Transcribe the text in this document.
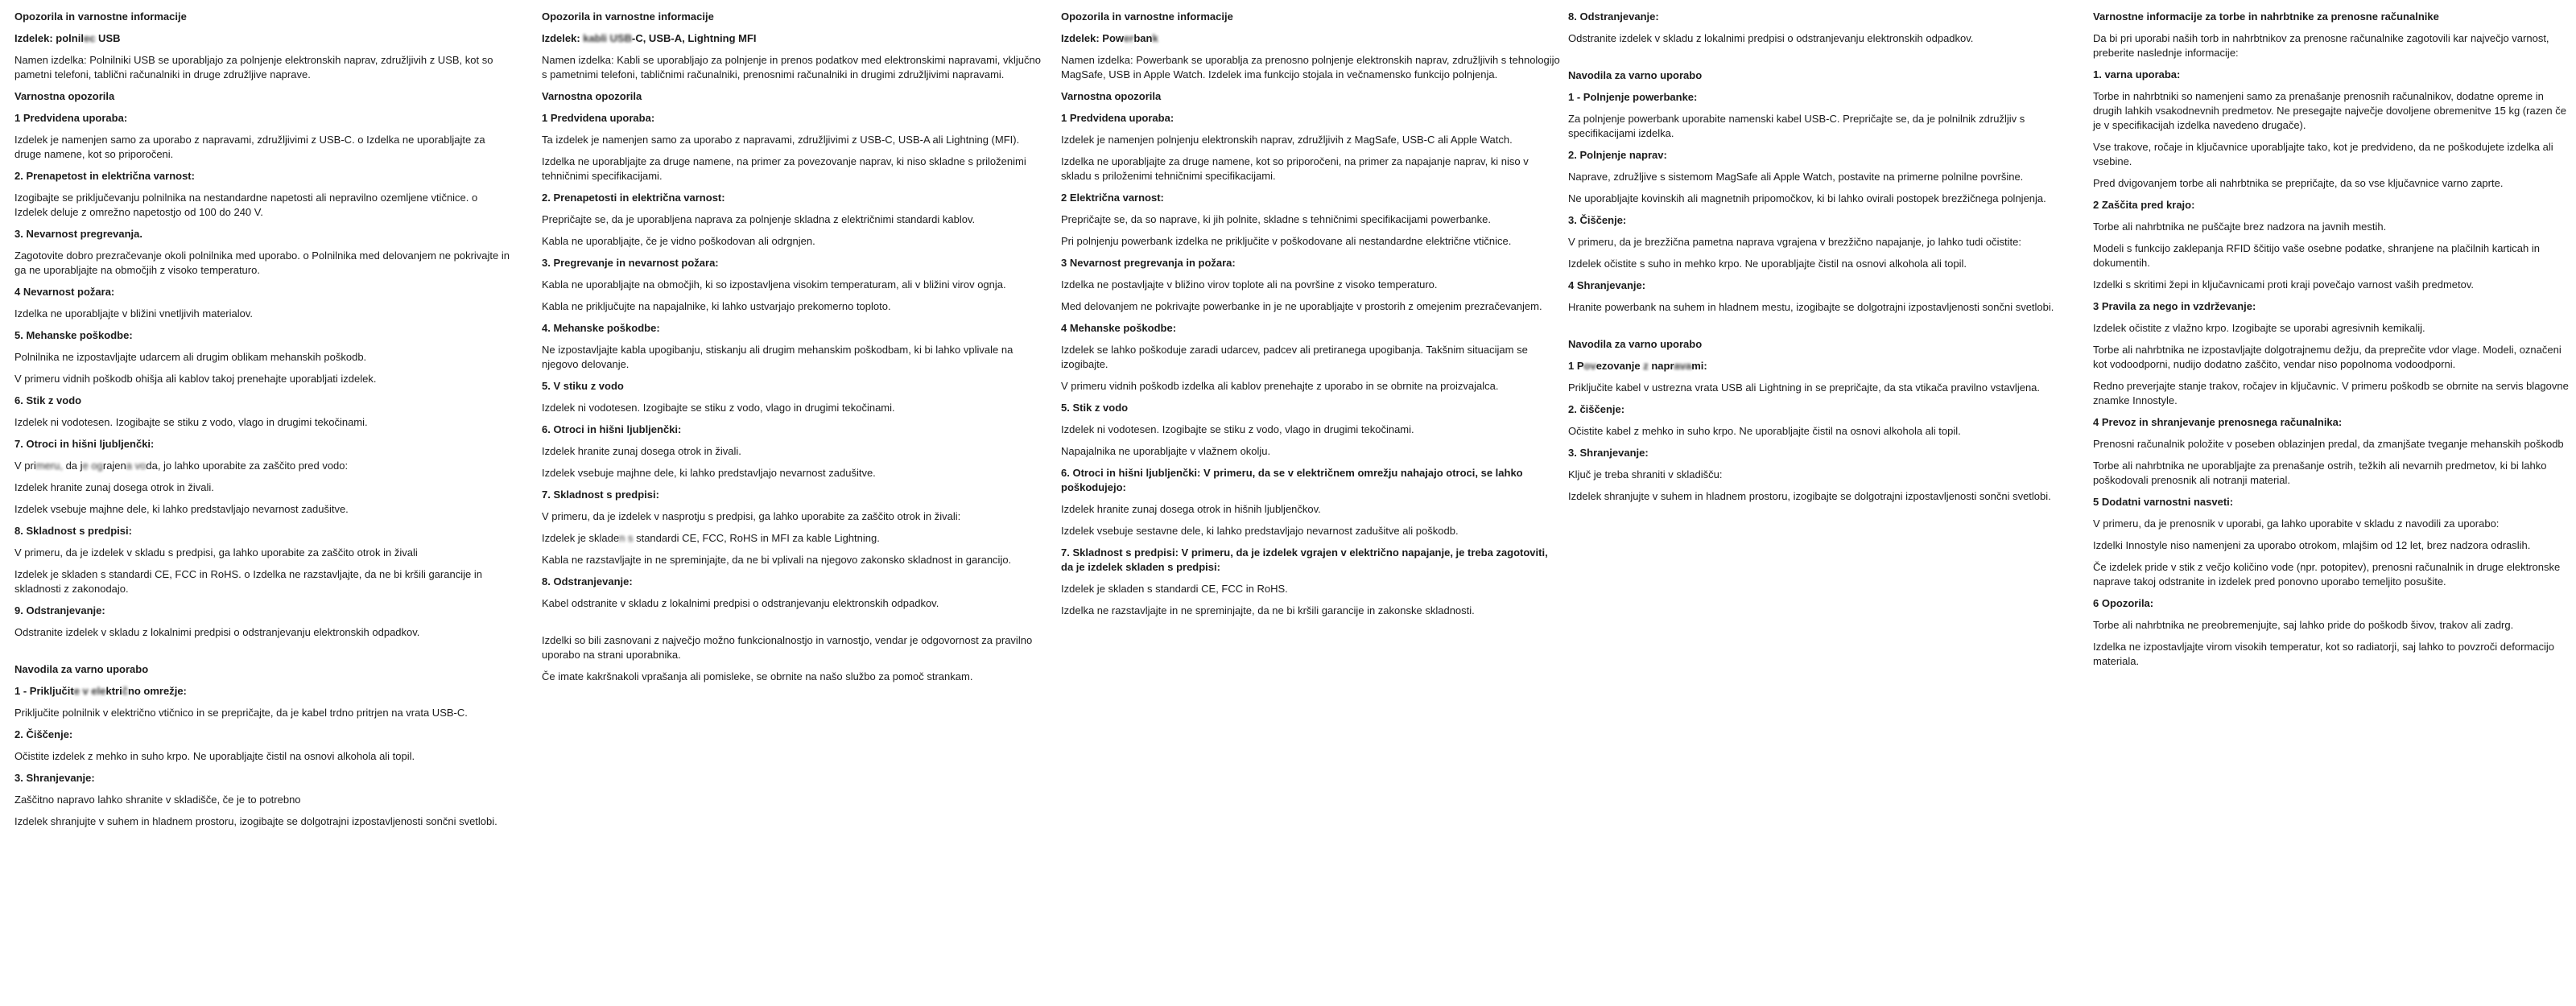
Opozorila in varnostne informacije
Izdelek: polnilec USB

Namen izdelka: Polnilniki USB se uporabljajo za polnjenje elektronskih naprav, združljivih z USB, kot so pametni telefoni, tablični računalniki in druge združljive naprave.

Varnostna opozorila
1 Predvidena uporaba:

Izdelek je namenjen samo za uporabo z napravami, združljivimi z USB-C. o Izdelka ne uporabljajte za druge namene, kot so priporočeni.

2. Prenapetost in električna varnost:

Izogibajte se priključevanju polnilnika na nestandardne napetosti ali nepravilno ozemljene vtičnice. o Izdelek deluje z omrežno napetostjo od 100 do 240 V.

3. Nevarnost pregrevanja.

Zagotovite dobro prezračevanje okoli polnilnika med uporabo. o Polnilnika med delovanjem ne pokrivajte in ga ne uporabljajte na območjih z visoko temperaturo.

4 Nevarnost požara:

Izdelka ne uporabljajte v bližini vnetljivih materialov.

5. Mehanske poškodbe:

Polnilnika ne izpostavljajte udarcem ali drugim oblikam mehanskih poškodb.

V primeru vidnih poškodb ohišja ali kablov takoj prenehajte uporabljati izdelek.

6. Stik z vodo

Izdelek ni vodotesen. Izogibajte se stiku z vodo, vlago in drugimi tekočinami.

7. Otroci in hišni ljubljenčki:

V primeru, da je ograjena voda, jo lahko uporabite za zaščito pred vodo:

Izdelek hranite zunaj dosega otrok in živali.

Izdelek vsebuje majhne dele, ki lahko predstavljajo nevarnost zadušitve.

8. Skladnost s predpisi:

V primeru, da je izdelek v skladu s predpisi, ga lahko uporabite za zaščito otrok in živali

Izdelek je skladen s standardi CE, FCC in RoHS. o Izdelka ne razstavljajte, da ne bi kršili garancije in skladnosti z zakonodajo.

9. Odstranjevanje:

Odstranite izdelek v skladu z lokalnimi predpisi o odstranjevanju elektronskih odpadkov.

Navodila za varno uporabo
1 - Priključite v električno omrežje:

Priključite polnilnik v električno vtičnico in se prepričajte, da je kabel trdno pritrjen na vrata USB-C.

2. Čiščenje:

Očistite izdelek z mehko in suho krpo. Ne uporabljajte čistil na osnovi alkohola ali topil.

3. Shranjevanje:

Zaščitno napravo lahko shranite v skladišče, če je to potrebno

Izdelek shranjujte v suhem in hladnem prostoru, izogibajte se dolgotrajni izpostavljenosti sončni svetlobi.

Opozorila in varnostne informacije
Izdelek: kabli USB-C, USB-A, Lightning MFI

Namen izdelka: Kabli se uporabljajo za polnjenje in prenos podatkov med elektronskimi napravami, vključno s pametnimi telefoni, tabličnimi računalniki, prenosnimi računalniki in drugimi združljivimi napravami.

Varnostna opozorila
1 Predvidena uporaba:

Ta izdelek je namenjen samo za uporabo z napravami, združljivimi z USB-C, USB-A ali Lightning (MFI).

Izdelka ne uporabljajte za druge namene, na primer za povezovanje naprav, ki niso skladne s priloženimi tehničnimi specifikacijami.

2. Prenapetosti in električna varnost:

Prepričajte se, da je uporabljena naprava za polnjenje skladna z električnimi standardi kablov.

Kabla ne uporabljajte, če je vidno poškodovan ali odrgnjen.

3. Pregrevanje in nevarnost požara:

Kabla ne uporabljajte na območjih, ki so izpostavljena visokim temperaturam, ali v bližini virov ognja.

Kabla ne priključujte na napajalnike, ki lahko ustvarjajo prekomerno toploto.

4. Mehanske poškodbe:

Ne izpostavljajte kabla upogibanju, stiskanju ali drugim mehanskim poškodbam, ki bi lahko vplivale na njegovo delovanje.

5. V stiku z vodo

Izdelek ni vodotesen. Izogibajte se stiku z vodo, vlago in drugimi tekočinami.

6. Otroci in hišni ljubljenčki:

Izdelek hranite zunaj dosega otrok in živali.

Izdelek vsebuje majhne dele, ki lahko predstavljajo nevarnost zadušitve.

7. Skladnost s predpisi:

V primeru, da je izdelek v nasprotju s predpisi, ga lahko uporabite za zaščito otrok in živali:

Izdelek je skladen s standardi CE, FCC, RoHS in MFI za kable Lightning.

Kabla ne razstavljajte in ne spreminjajte, da ne bi vplivali na njegovo zakonsko skladnost in garancijo.

8. Odstranjevanje:

Kabel odstranite v skladu z lokalnimi predpisi o odstranjevanju elektronskih odpadkov.

Izdelki so bili zasnovani z največjo možno funkcionalnostjo in varnostjo, vendar je odgovornost za pravilno uporabo na strani uporabnika.

Če imate kakršnakoli vprašanja ali pomisleke, se obrnite na našo službo za pomoč strankam.

Opozorila in varnostne informacije
Izdelek: Powerbank

Namen izdelka: Powerbank se uporablja za prenosno polnjenje elektronskih naprav, združljivih s tehnologijo MagSafe, USB in Apple Watch. Izdelek ima funkcijo stojala in večnamensko funkcijo polnjenja.

Varnostna opozorila
1 Predvidena uporaba:

Izdelek je namenjen polnjenju elektronskih naprav, združljivih z MagSafe, USB-C ali Apple Watch.

Izdelka ne uporabljajte za druge namene, kot so priporočeni, na primer za napajanje naprav, ki niso v skladu s priloženimi tehničnimi specifikacijami.

2 Električna varnost:

Prepričajte se, da so naprave, ki jih polnite, skladne s tehničnimi specifikacijami powerbanke.

Pri polnjenju powerbank izdelka ne priključite v poškodovane ali nestandardne električne vtičnice.

3 Nevarnost pregrevanja in požara:

Izdelka ne postavljajte v bližino virov toplote ali na površine z visoko temperaturo.

Med delovanjem ne pokrivajte powerbanke in je ne uporabljajte v prostorih z omejenim prezračevanjem.

4 Mehanske poškodbe:

Izdelek se lahko poškoduje zaradi udarcev, padcev ali pretiranega upogibanja. Takšnim situacijam se izogibajte.

V primeru vidnih poškodb izdelka ali kablov prenehajte z uporabo in se obrnite na proizvajalca.

5. Stik z vodo

Izdelek ni vodotesen. Izogibajte se stiku z vodo, vlago in drugimi tekočinami.

Napajalnika ne uporabljajte v vlažnem okolju.

6. Otroci in hišni ljubljenčki: V primeru, da se v električnem omrežju nahajajo otroci, se lahko poškodujejo:

Izdelek hranite zunaj dosega otrok in hišnih ljubljenčkov.

Izdelek vsebuje sestavne dele, ki lahko predstavljajo nevarnost zadušitve ali poškodb.

7. Skladnost s predpisi: V primeru, da je izdelek vgrajen v električno napajanje, je treba zagotoviti, da je izdelek skladen s predpisi:

Izdelek je skladen s standardi CE, FCC in RoHS.

Izdelka ne razstavljajte in ne spreminjajte, da ne bi kršili garancije in zakonske skladnosti.

8. Odstranjevanje:

Odstranite izdelek v skladu z lokalnimi predpisi o odstranjevanju elektronskih odpadkov.

Navodila za varno uporabo
1 - Polnjenje powerbanke:

Za polnjenje powerbank uporabite namenski kabel USB-C. Prepričajte se, da je polnilnik združljiv s specifikacijami izdelka.

2. Polnjenje naprav:

Naprave, združljive s sistemom MagSafe ali Apple Watch, postavite na primerne polnilne površine.

Ne uporabljajte kovinskih ali magnetnih pripomočkov, ki bi lahko ovirali postopek brezžičnega polnjenja.

3. Čiščenje:

V primeru, da je brezžična pametna naprava vgrajena v brezžično napajanje, jo lahko tudi očistite:

Izdelek očistite s suho in mehko krpo. Ne uporabljajte čistil na osnovi alkohola ali topil.

4 Shranjevanje:

Hranite powerbank na suhem in hladnem mestu, izogibajte se dolgotrajni izpostavljenosti sončni svetlobi.

Navodila za varno uporabo
1 Povezovanje z napravami:

Priključite kabel v ustrezna vrata USB ali Lightning in se prepričajte, da sta vtikača pravilno vstavljena.

2. čiščenje:

Očistite kabel z mehko in suho krpo. Ne uporabljajte čistil na osnovi alkohola ali topil.

3. Shranjevanje:

Ključ je treba shraniti v skladišču:

Izdelek shranjujte v suhem in hladnem prostoru, izogibajte se dolgotrajni izpostavljenosti sončni svetlobi.

Varnostne informacije za torbe in nahrbtnike za prenosne računalnike

Da bi pri uporabi naših torb in nahrbtnikov za prenosne računalnike zagotovili kar največjo varnost, preberite naslednje informacije:

1. varna uporaba:

Torbe in nahrbtniki so namenjeni samo za prenašanje prenosnih računalnikov, dodatne opreme in drugih lahkih vsakodnevnih predmetov. Ne presegajte največje dovoljene obremenitve 15 kg (razen če je v specifikacijah izdelka navedeno drugače).

Vse trakove, ročaje in ključavnice uporabljajte tako, kot je predvideno, da ne poškodujete izdelka ali vsebine.

Pred dvigovanjem torbe ali nahrbtnika se prepričajte, da so vse ključavnice varno zaprte.

2 Zaščita pred krajo:

Torbe ali nahrbtnika ne puščajte brez nadzora na javnih mestih.

Modeli s funkcijo zaklepanja RFID ščitijo vaše osebne podatke, shranjene na plačilnih karticah in dokumentih.

Izdelki s skritimi žepi in ključavnicami proti kraji povečajo varnost vaših predmetov.

3 Pravila za nego in vzdrževanje:

Izdelek očistite z vlažno krpo. Izogibajte se uporabi agresivnih kemikalij.

Torbe ali nahrbtnika ne izpostavljajte dolgotrajnemu dežju, da preprečite vdor vlage. Modeli, označeni kot vodoodporni, nudijo dodatno zaščito, vendar niso popolnoma vodoodporni.

Redno preverjajte stanje trakov, ročajev in ključavnic. V primeru poškodb se obrnite na servis blagovne znamke Innostyle.

4 Prevoz in shranjevanje prenosnega računalnika:

Prenosni računalnik položite v poseben oblazinjen predal, da zmanjšate tveganje mehanskih poškodb

Torbe ali nahrbtnika ne uporabljajte za prenašanje ostrih, težkih ali nevarnih predmetov, ki bi lahko poškodovali prenosnik ali notranji material.

5 Dodatni varnostni nasveti:

V primeru, da je prenosnik v uporabi, ga lahko uporabite v skladu z navodili za uporabo:

Izdelki Innostyle niso namenjeni za uporabo otrokom, mlajšim od 12 let, brez nadzora odraslih.

Če izdelek pride v stik z večjo količino vode (npr. potopitev), prenosni računalnik in druge elektronske naprave takoj odstranite in izdelek pred ponovno uporabo temeljito posušite.

6 Opozorila:

Torbe ali nahrbtnika ne preobremenjujte, saj lahko pride do poškodb šivov, trakov ali zadrg.

Izdelka ne izpostavljajte virom visokih temperatur, kot so radiatorji, saj lahko to povzroči deformacijo materiala.
